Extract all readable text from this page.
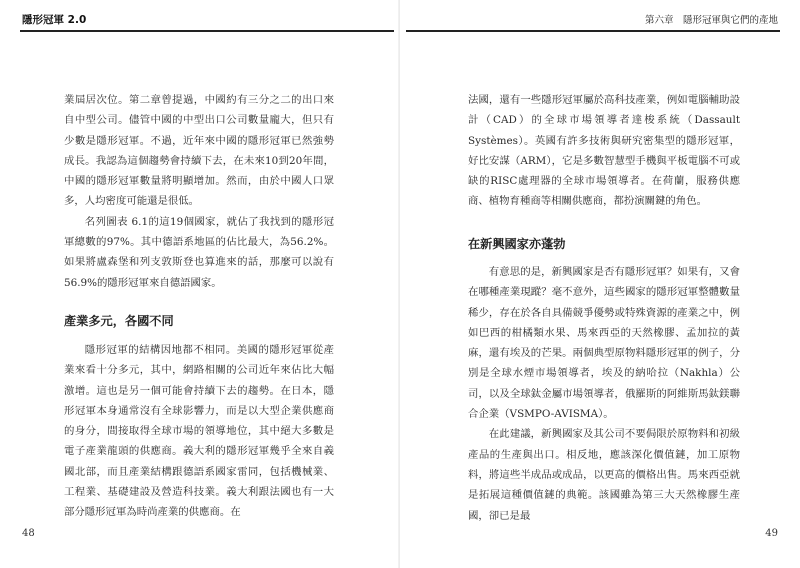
隱形冠軍 2.0

業屆居次位。第二章曾提過，中國約有三分之二的出口來自中型公司。儘管中國的中型出口公司數量龐大，但只有少數是隱形冠軍。不過，近年來中國的隱形冠軍已然強勢成長。我認為這個趨勢會持續下去，在未來10到20年間，中國的隱形冠軍數量將明顯增加。然而，由於中國人口眾多，人均密度可能還是很低。

名列圖表 6.1的這19個國家，就佔了我找到的隱形冠軍總數的97%。其中德語系地區的佔比最大，為56.2%。如果將盧森堡和列支敦斯登也算進來的話，那麼可以說有56.9%的隱形冠軍來自德語國家。

產業多元，各國不同

隱形冠軍的結構因地都不相同。美國的隱形冠軍從產業來看十分多元，其中，網路相關的公司近年來佔比大幅激增。這也是另一個可能會持續下去的趨勢。在日本，隱形冠軍本身通常沒有全球影響力，而是以大型企業供應商的身分，間接取得全球市場的領導地位，其中絕大多數是電子產業龍頭的供應商。義大利的隱形冠軍幾乎全來自義國北部，而且產業結構跟德語系國家雷同，包括機械業、工程業、基礎建設及營造科技業。義大利跟法國也有一大部分隱形冠軍為時尚產業的供應商。在

48
第六章　隱形冠軍與它們的產地

法國，還有一些隱形冠軍屬於高科技產業，例如電腦輔助設計（CAD）的全球市場領導者達梭系統（Dassault Systèmes）。英國有許多技術與研究密集型的隱形冠軍，好比安謀（ARM），它是多數智慧型手機與平板電腦不可或缺的RISC處理器的全球市場領導者。在荷蘭，服務供應商、植物育種商等相關供應商，都扮演關鍵的角色。

在新興國家亦蓬勃

有意思的是，新興國家是否有隱形冠軍？如果有，又會在哪種產業現蹤？毫不意外，這些國家的隱形冠軍整體數量稀少，存在於各自具備競爭優勢或特殊資源的產業之中，例如巴西的柑橘類水果、馬來西亞的天然橡膠、孟加拉的黃麻，還有埃及的芒果。兩個典型原物料隱形冠軍的例子，分別是全球水煙市場領導者，埃及的納哈拉（Nakhla）公司，以及全球鈦金屬市場領導者，俄羅斯的阿維斯馬鈦鎂聯合企業（VSMPO-AVISMA）。

在此建議，新興國家及其公司不要侷限於原物料和初級產品的生產與出口。相反地，應該深化價值鏈，加工原物料，將這些半成品或成品，以更高的價格出售。馬來西亞就是拓展這種價值鏈的典範。該國雖為第三大天然橡膠生產國，卻已是最

49
